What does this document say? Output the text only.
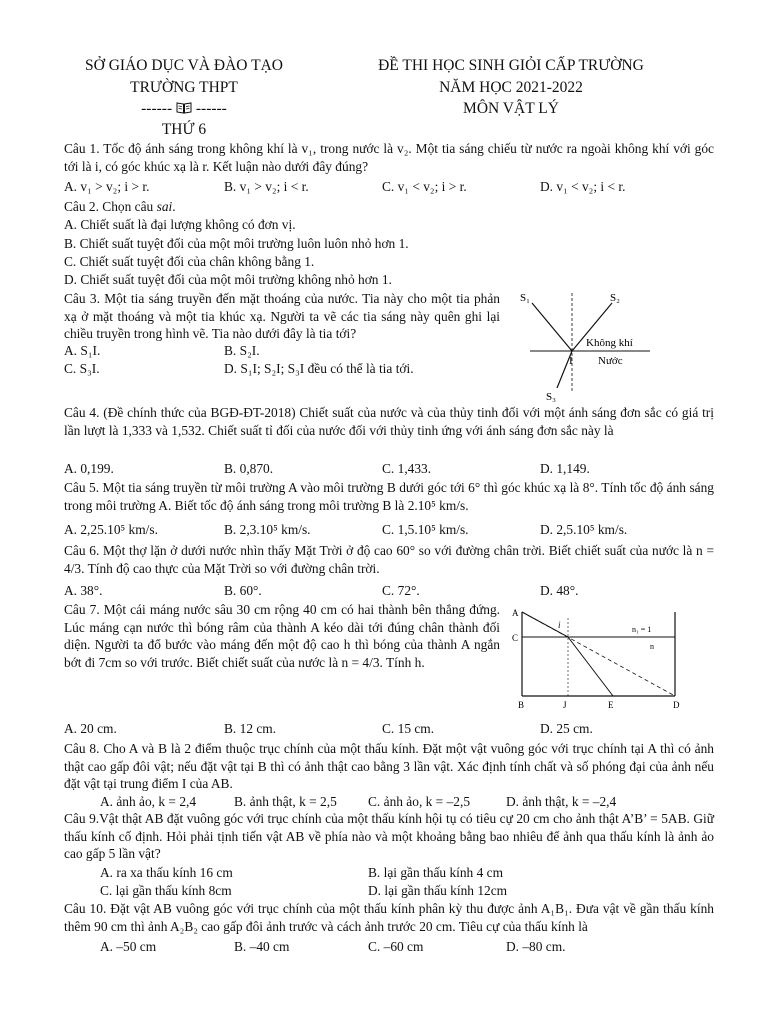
SỞ GIÁO DỤC VÀ ĐÀO TẠO
TRƯỜNG THPT
------ ------
THỨ 6
ĐỀ THI HỌC SINH GIỎI CẤP TRƯỜNG
NĂM HỌC 2021-2022
MÔN VẬT LÝ
Câu 1. Tốc độ ánh sáng trong không khí là v₁, trong nước là v₂. Một tia sáng chiếu từ nước ra ngoài không khí với góc tới là i, có góc khúc xạ là r. Kết luận nào dưới đây đúng?
A. v₁ > v₂; i > r.	B. v₁ > v₂; i < r.	C. v₁ < v₂; i > r.	D. v₁ < v₂; i < r.
Câu 2. Chọn câu sai.
A. Chiết suất là đại lượng không có đơn vị.
B. Chiết suất tuyệt đối của một môi trường luôn luôn nhỏ hơn 1.
C. Chiết suất tuyệt đối của chân không bằng 1.
D. Chiết suất tuyệt đối của một môi trường không nhỏ hơn 1.
Câu 3. Một tia sáng truyền đến mặt thoáng của nước. Tia này cho một tia phản xạ ở mặt thoáng và một tia khúc xạ. Người ta vẽ các tia sáng này quên ghi lại chiều truyền trong hình vẽ. Tia nào dưới đây là tia tới?
A. S₁I.	B. S₂I.
C. S₃I.	D. S₁I; S₂I; S₃I đều có thể là tia tới.
S₁	S₂
S₃
I
Không khí
Nước
Câu 4. (Đề chính thức của BGĐ-ĐT-2018) Chiết suất của nước và của thủy tinh đối với một ánh sáng đơn sắc có giá trị lần lượt là 1,333 và 1,532. Chiết suất tỉ đối của nước đối với thủy tinh ứng với ánh sáng đơn sắc này là
A. 0,199.	B. 0,870.	C. 1,433.	D. 1,149.
Câu 5. Một tia sáng truyền từ môi trường A vào môi trường B dưới góc tới 6° thì góc khúc xạ là 8°. Tính tốc độ ánh sáng trong môi trường A. Biết tốc độ ánh sáng trong môi trường B là 2.10⁵ km/s.
A. 2,25.10⁵ km/s.	B. 2,3.10⁵ km/s.	C. 1,5.10⁵ km/s.	D. 2,5.10⁵ km/s.
Câu 6. Một thợ lặn ở dưới nước nhìn thấy Mặt Trời ở độ cao 60° so với đường chân trời. Biết chiết suất của nước là n = 4/3. Tính độ cao thực của Mặt Trời so với đường chân trời.
A. 38°.	B. 60°.	C. 72°.	D. 48°.
Câu 7. Một cái máng nước sâu 30 cm rộng 40 cm có hai thành bên thẳng đứng. Lúc máng cạn nước thì bóng râm của thành A kéo dài tới đúng chân thành đối diện. Người ta đổ bước vào máng đến một độ cao h thì bóng của thành A ngắn bớt đi 7cm so với trước. Biết chiết suất của nước là n = 4/3. Tính h.
A. 20 cm.	B. 12 cm.	C. 15 cm.	D. 25 cm.
A
C
i	n₁ = 1
n
B	J	E	D
Câu 8. Cho A và B là 2 điểm thuộc trục chính của một thấu kính. Đặt một vật vuông góc với trục chính tại A thì có ảnh thật cao gấp đôi vật; nếu đặt vật tại B thì có ảnh thật cao bằng 3 lần vật. Xác định tính chất và số phóng đại của ảnh nếu đặt vật tại trung điểm I của AB.
A. ảnh ảo, k = 2,4	B. ảnh thật, k = 2,5 C. ảnh ảo, k = –2,5	D. ảnh thật, k = –2,4
Câu 9.Vật thật AB đặt vuông góc với trục chính của một thấu kính hội tụ có tiêu cự 20 cm cho ảnh thật A’B’ = 5AB. Giữ thấu kính cố định. Hỏi phải tịnh tiến vật AB về phía nào và một khoảng bằng bao nhiêu để ảnh qua thấu kính là ảnh ảo cao gấp 5 lần vật?
A. ra xa thấu kính 16 cm	B. lại gần thấu kính 4 cm
C. lại gần thấu kính 8cm	D. lại gần thấu kính 12cm
Câu 10. Đặt vật AB vuông góc với trục chính của một thấu kính phân kỳ thu được ảnh A₁B₁. Đưa vật về gần thấu kính thêm 90 cm thì ảnh A₂B₂ cao gấp đôi ảnh trước và cách ảnh trước 20 cm. Tiêu cự của thấu kính là
A. –50 cm	B. –40 cm	C. –60 cm	D. –80 cm.
